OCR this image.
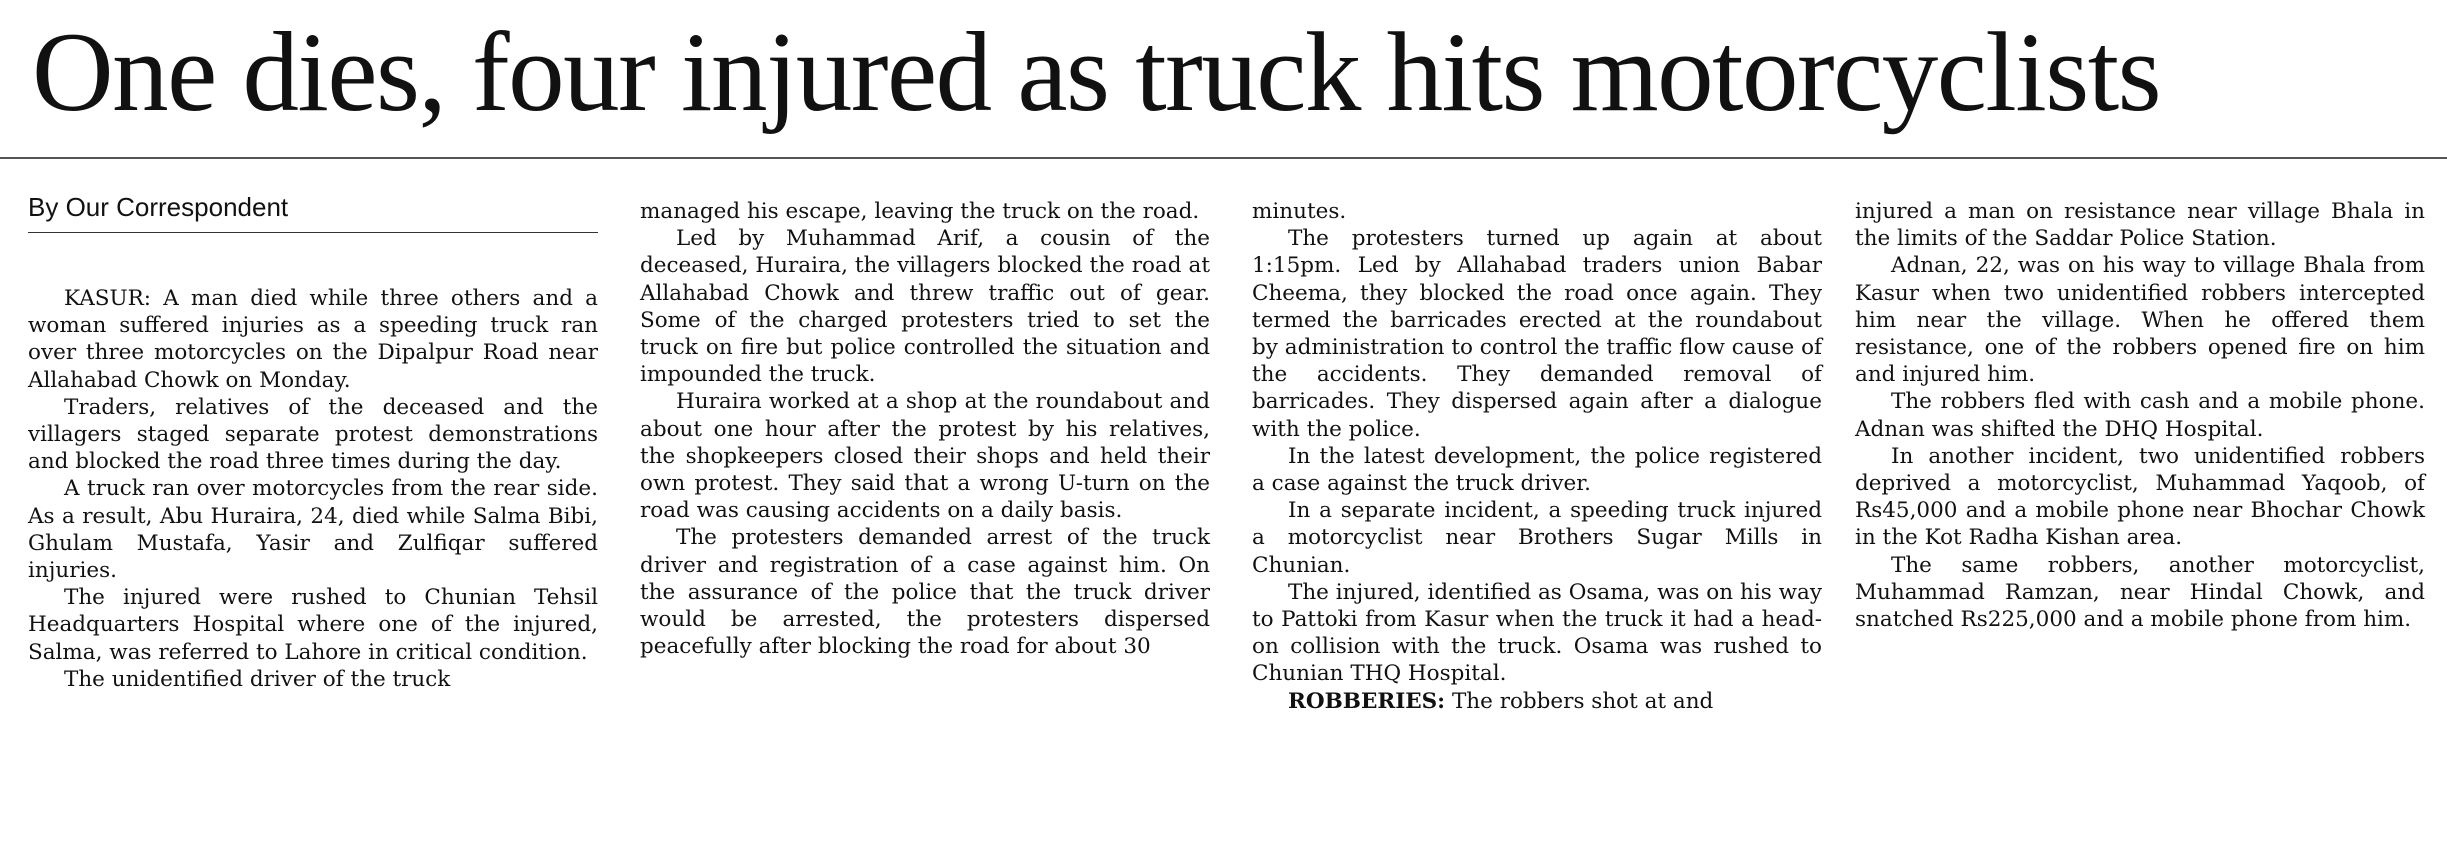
One dies, four injured as truck hits motorcyclists
By Our Correspondent

KASUR: A man died while three others and a woman suffered injuries as a speeding truck ran over three motorcycles on the Dipalpur Road near Allahabad Chowk on Monday.

Traders, relatives of the deceased and the villagers staged separate protest demonstrations and blocked the road three times during the day.

A truck ran over motorcycles from the rear side. As a result, Abu Huraira, 24, died while Salma Bibi, Ghulam Mustafa, Yasir and Zulfiqar suffered injuries.

The injured were rushed to Chunian Tehsil Headquarters Hospital where one of the injured, Salma, was referred to Lahore in critical condition.

The unidentified driver of the truck

managed his escape, leaving the truck on the road.

Led by Muhammad Arif, a cousin of the deceased, Huraira, the villagers blocked the road at Allahabad Chowk and threw traffic out of gear. Some of the charged protesters tried to set the truck on fire but police controlled the situation and impounded the truck.

Huraira worked at a shop at the roundabout and about one hour after the protest by his relatives, the shopkeepers closed their shops and held their own protest. They said that a wrong U-turn on the road was causing accidents on a daily basis.

The protesters demanded arrest of the truck driver and registration of a case against him. On the assurance of the police that the truck driver would be arrested, the protesters dispersed peacefully after blocking the road for about 30

minutes.

The protesters turned up again at about 1:15pm. Led by Allahabad traders union Babar Cheema, they blocked the road once again. They termed the barricades erected at the roundabout by administration to control the traffic flow cause of the accidents. They demanded removal of barricades. They dispersed again after a dialogue with the police.

In the latest development, the police registered a case against the truck driver.

In a separate incident, a speeding truck injured a motorcyclist near Brothers Sugar Mills in Chunian.

The injured, identified as Osama, was on his way to Pattoki from Kasur when the truck it had a head-on collision with the truck. Osama was rushed to Chunian THQ Hospital.

ROBBERIES: The robbers shot at and

injured a man on resistance near village Bhala in the limits of the Saddar Police Station.

Adnan, 22, was on his way to village Bhala from Kasur when two unidentified robbers intercepted him near the village. When he offered them resistance, one of the robbers opened fire on him and injured him.

The robbers fled with cash and a mobile phone. Adnan was shifted the DHQ Hospital.

In another incident, two unidentified robbers deprived a motorcyclist, Muhammad Yaqoob, of Rs45,000 and a mobile phone near Bhochar Chowk in the Kot Radha Kishan area.

The same robbers, another motorcyclist, Muhammad Ramzan, near Hindal Chowk, and snatched Rs225,000 and a mobile phone from him.
